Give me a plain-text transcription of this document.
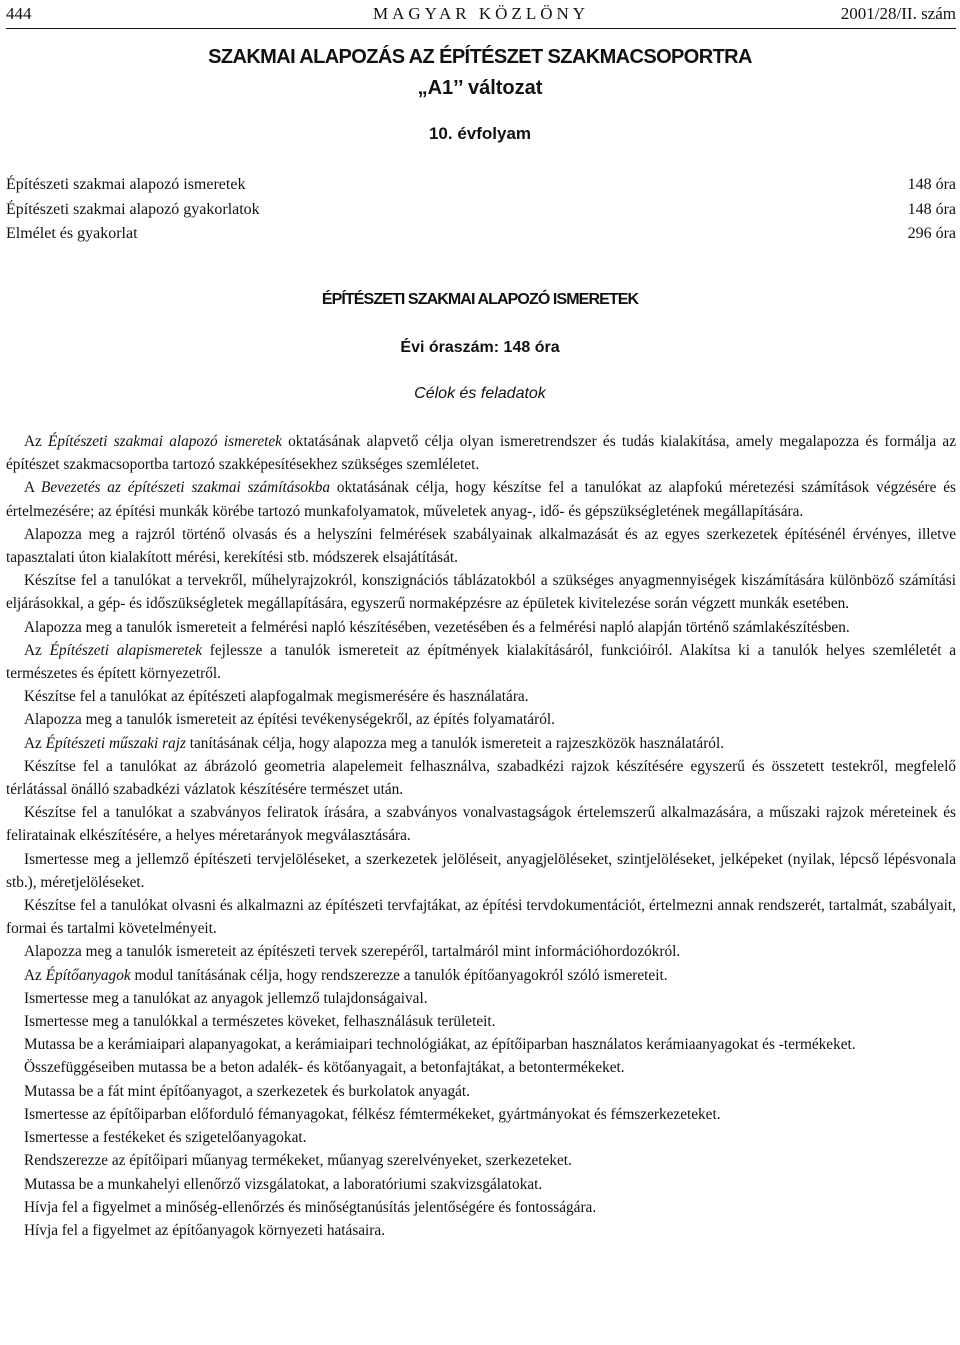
444	MAGYAR KÖZLÖNY	2001/28/II. szám
SZAKMAI ALAPOZÁS AZ ÉPÍTÉSZET SZAKMACSOPORTRA
„A1’’ változat
10. évfolyam
Építészeti szakmai alapozó ismeretek	148 óra
Építészeti szakmai alapozó gyakorlatok	148 óra
Elmélet és gyakorlat	296 óra
ÉPÍTÉSZETI SZAKMAI ALAPOZÓ ISMERETEK
Évi óraszám: 148 óra
Célok és feladatok

Az Építészeti szakmai alapozó ismeretek oktatásának alapvető célja olyan ismeretrendszer és tudás kialakítása, amely megalapozza és formálja az építészet szakmacsoportba tartozó szakképesítésekhez szükséges szemléletet.

A Bevezetés az építészeti szakmai számításokba oktatásának célja, hogy készítse fel a tanulókat az alapfokú méretezési számítások végzésére és értelmezésére; az építési munkák körébe tartozó munkafolyamatok, műveletek anyag-, idő- és gépszükségletének megállapítására.

Alapozza meg a rajzról történő olvasás és a helyszíni felmérések szabályainak alkalmazását és az egyes szerkezetek építésénél érvényes, illetve tapasztalati úton kialakított mérési, kerekítési stb. módszerek elsajátítását.

Készítse fel a tanulókat a tervekről, műhelyrajzokról, konszignációs táblázatokból a szükséges anyagmennyiségek kiszámítására különböző számítási eljárásokkal, a gép- és időszükségletek megállapítására, egyszerű normaképzésre az épületek kivitelezése során végzett munkák esetében.

Alapozza meg a tanulók ismereteit a felmérési napló készítésében, vezetésében és a felmérési napló alapján történő számlakészítésben.

Az Építészeti alapismeretek fejlessze a tanulók ismereteit az építmények kialakításáról, funkcióiról. Alakítsa ki a tanulók helyes szemléletét a természetes és épített környezetről.

Készítse fel a tanulókat az építészeti alapfogalmak megismerésére és használatára.

Alapozza meg a tanulók ismereteit az építési tevékenységekről, az építés folyamatáról.

Az Építészeti műszaki rajz tanításának célja, hogy alapozza meg a tanulók ismereteit a rajzeszközök használatáról.

Készítse fel a tanulókat az ábrázoló geometria alapelemeit felhasználva, szabadkézi rajzok készítésére egyszerű és összetett testekről, megfelelő térlátással önálló szabadkézi vázlatok készítésére természet után.

Készítse fel a tanulókat a szabványos feliratok írására, a szabványos vonalvastagságok értelemszerű alkalmazására, a műszaki rajzok méreteinek és feliratainak elkészítésére, a helyes méretarányok megválasztására.

Ismertesse meg a jellemző építészeti tervjelöléseket, a szerkezetek jelöléseit, anyagjelöléseket, szintjelöléseket, jelképeket (nyilak, lépcső lépésvonala stb.), méretjelöléseket.

Készítse fel a tanulókat olvasni és alkalmazni az építészeti tervfajtákat, az építési tervdokumentációt, értelmezni annak rendszerét, tartalmát, szabályait, formai és tartalmi követelményeit.

Alapozza meg a tanulók ismereteit az építészeti tervek szerepéről, tartalmáról mint információhordozókról.

Az Építőanyagok modul tanításának célja, hogy rendszerezze a tanulók építőanyagokról szóló ismereteit.

Ismertesse meg a tanulókat az anyagok jellemző tulajdonságaival.

Ismertesse meg a tanulókkal a természetes köveket, felhasználásuk területeit.

Mutassa be a kerámiaipari alapanyagokat, a kerámiaipari technológiákat, az építőiparban használatos kerámiaanyagokat és -termékeket.

Összefüggéseiben mutassa be a beton adalék- és kötőanyagait, a betonfajtákat, a betontermékeket.

Mutassa be a fát mint építőanyagot, a szerkezetek és burkolatok anyagát.

Ismertesse az építőiparban előforduló fémanyagokat, félkész fémtermékeket, gyártmányokat és fémszerkezeteket.

Ismertesse a festékeket és szigetelőanyagokat.

Rendszerezze az építőipari műanyag termékeket, műanyag szerelvényeket, szerkezeteket.

Mutassa be a munkahelyi ellenőrző vizsgálatokat, a laboratóriumi szakvizsgálatokat.

Hívja fel a figyelmet a minőség-ellenőrzés és minőségtanúsítás jelentőségére és fontosságára.

Hívja fel a figyelmet az építőanyagok környezeti hatásaira.
